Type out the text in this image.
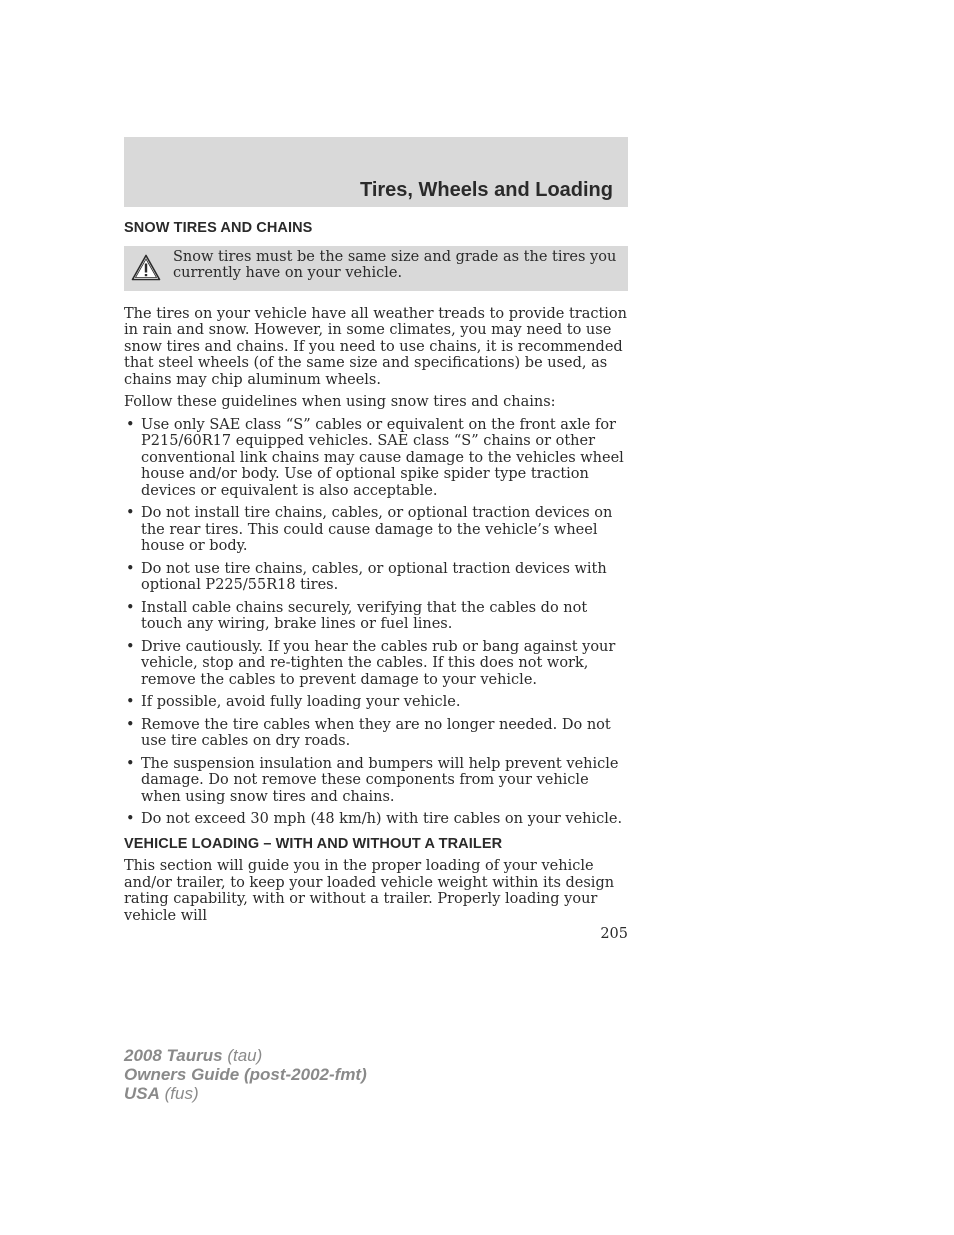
Tires, Wheels and Loading
SNOW TIRES AND CHAINS

Snow tires must be the same size and grade as the tires you currently have on your vehicle.

The tires on your vehicle have all weather treads to provide traction in rain and snow. However, in some climates, you may need to use snow tires and chains. If you need to use chains, it is recommended that steel wheels (of the same size and specifications) be used, as chains may chip aluminum wheels.

Follow these guidelines when using snow tires and chains:

• Use only SAE class “S” cables or equivalent on the front axle for P215/60R17 equipped vehicles. SAE class “S” chains or other conventional link chains may cause damage to the vehicles wheel house and/or body. Use of optional spike spider type traction devices or equivalent is also acceptable.
• Do not install tire chains, cables, or optional traction devices on the rear tires. This could cause damage to the vehicle’s wheel house or body.
• Do not use tire chains, cables, or optional traction devices with optional P225/55R18 tires.
• Install cable chains securely, verifying that the cables do not touch any wiring, brake lines or fuel lines.
• Drive cautiously. If you hear the cables rub or bang against your vehicle, stop and re-tighten the cables. If this does not work, remove the cables to prevent damage to your vehicle.
• If possible, avoid fully loading your vehicle.
• Remove the tire cables when they are no longer needed. Do not use tire cables on dry roads.
• The suspension insulation and bumpers will help prevent vehicle damage. Do not remove these components from your vehicle when using snow tires and chains.
• Do not exceed 30 mph (48 km/h) with tire cables on your vehicle.
VEHICLE LOADING – WITH AND WITHOUT A TRAILER

This section will guide you in the proper loading of your vehicle and/or trailer, to keep your loaded vehicle weight within its design rating capability, with or without a trailer. Properly loading your vehicle will

205
2008 Taurus (tau)
Owners Guide (post-2002-fmt)
USA (fus)
